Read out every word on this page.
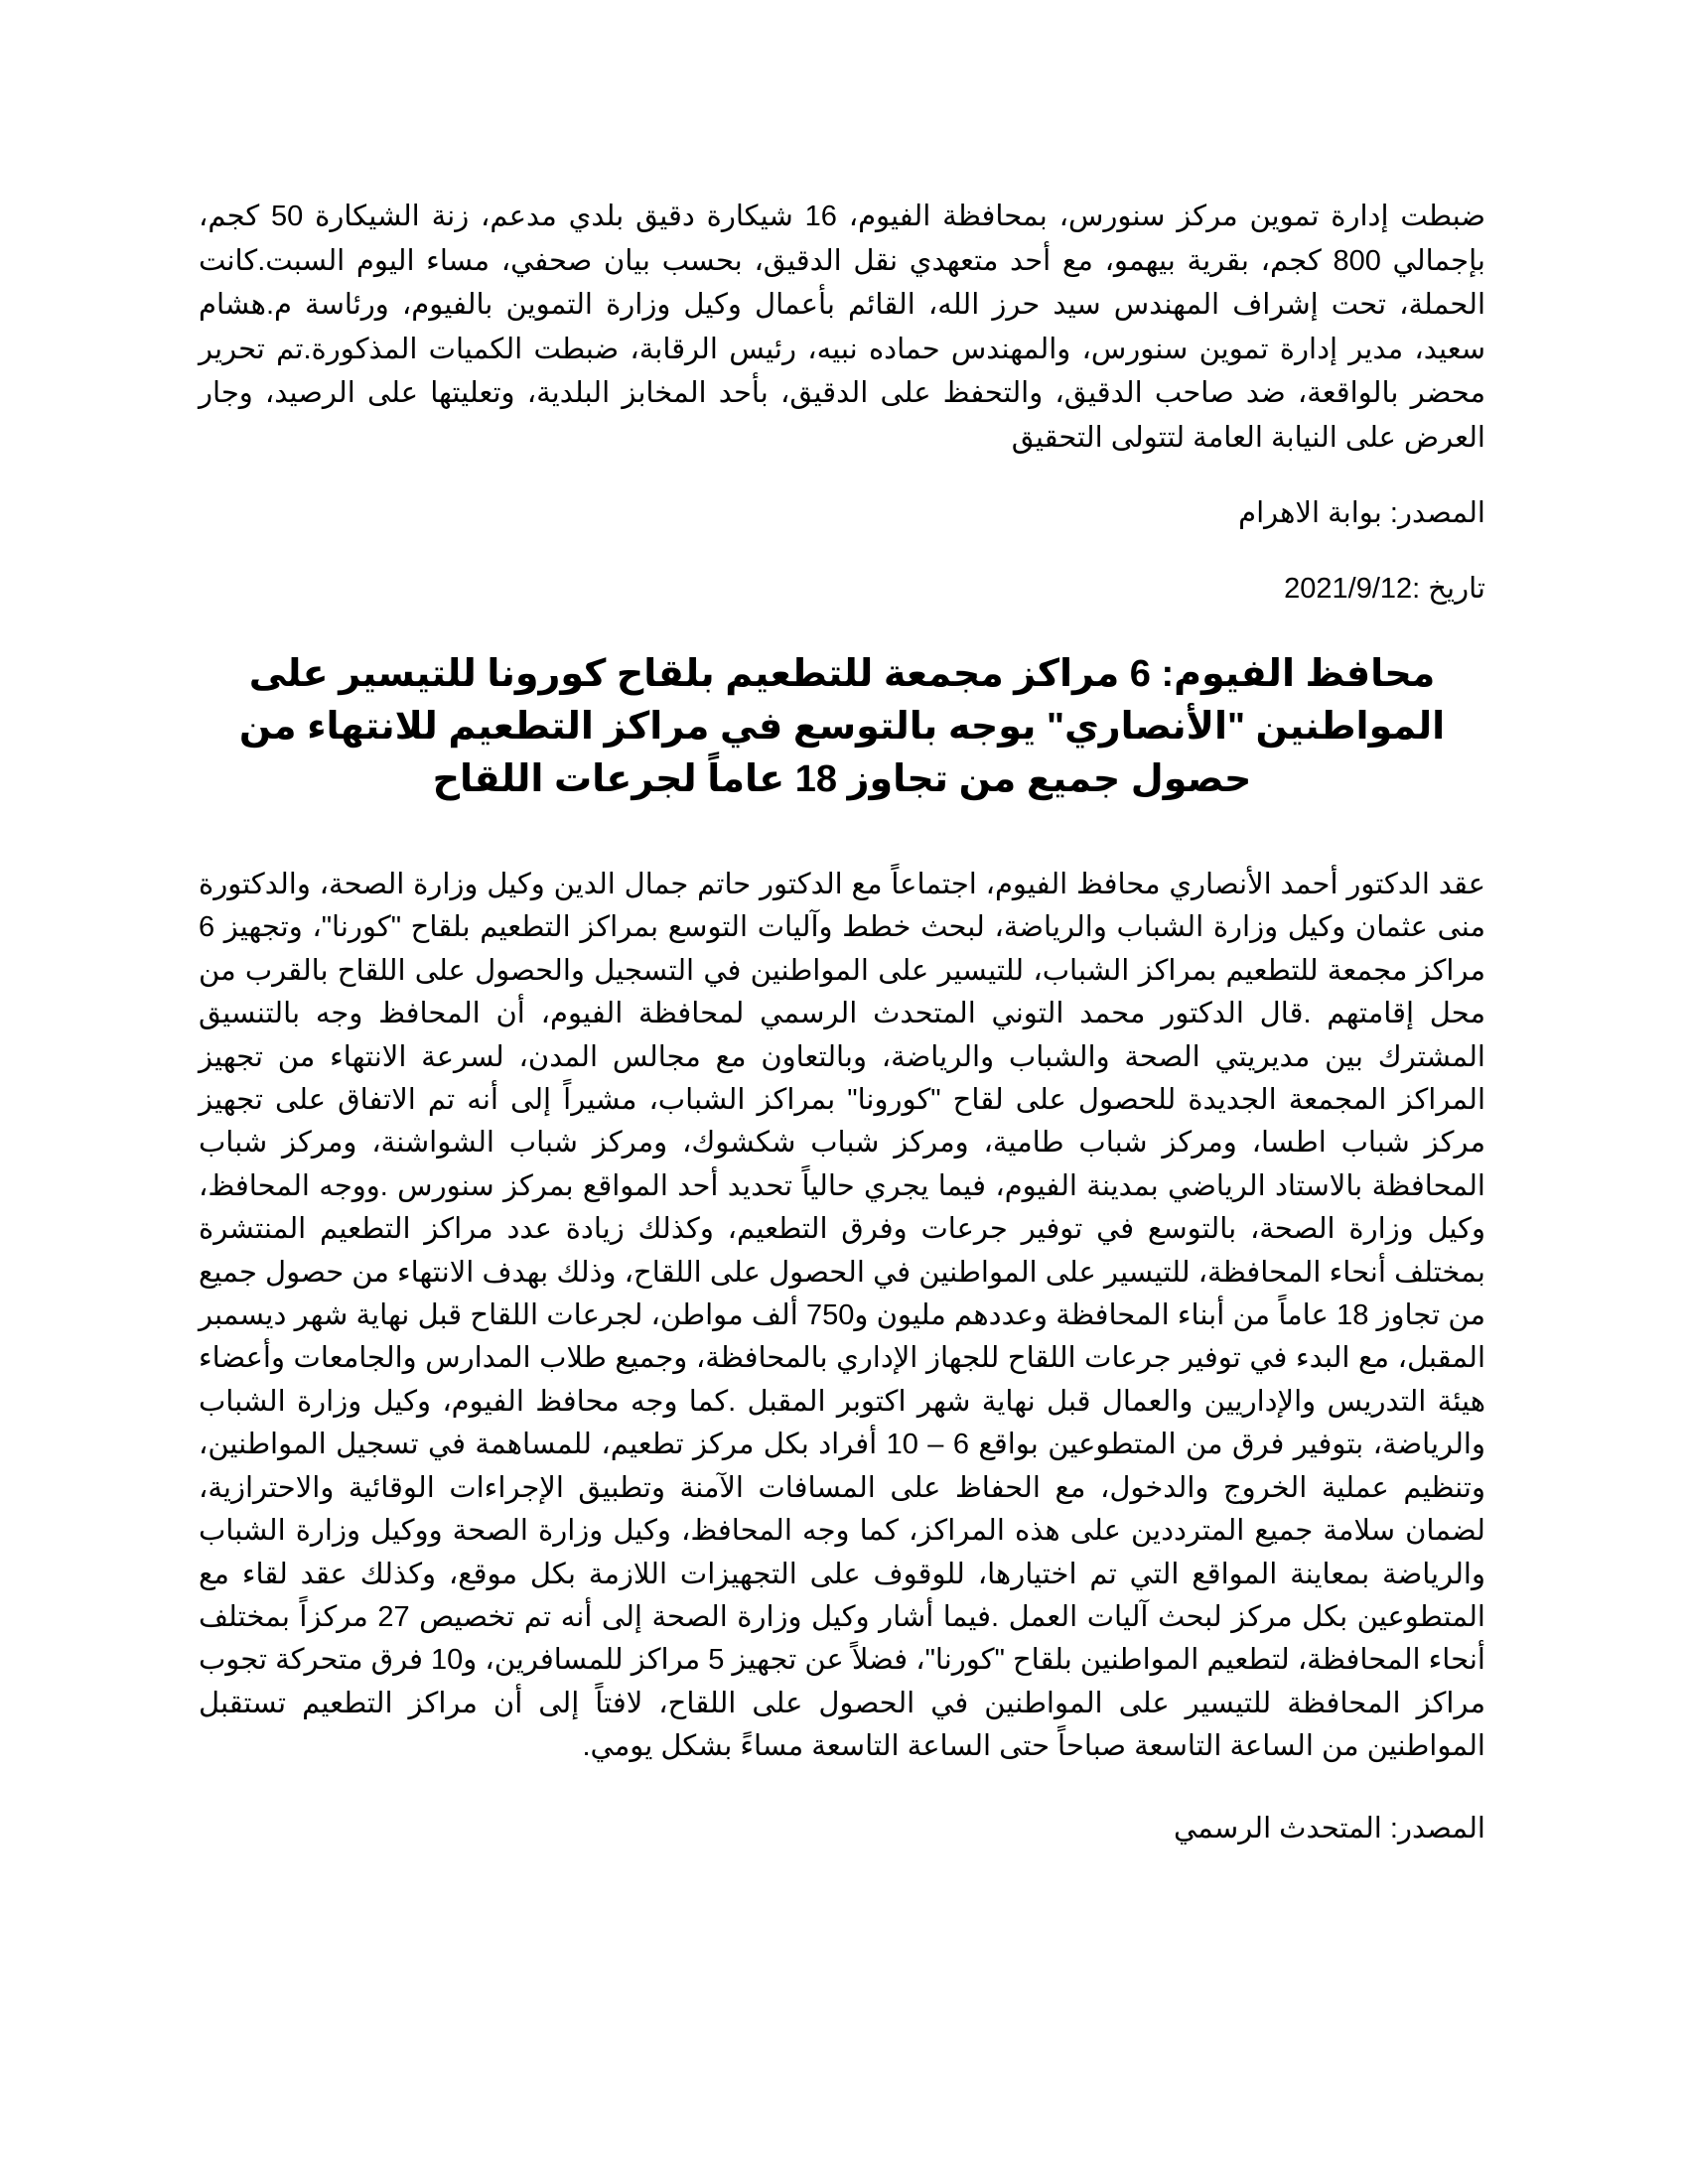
ضبطت إدارة تموين مركز سنورس، بمحافظة الفيوم، 16 شيكارة دقيق بلدي مدعم، زنة الشيكارة 50 كجم، بإجمالي 800 كجم، بقرية بيهمو، مع أحد متعهدي نقل الدقيق، بحسب بيان صحفي، مساء اليوم السبت.كانت الحملة، تحت إشراف المهندس سيد حرز الله، القائم بأعمال وكيل وزارة التموين بالفيوم، ورئاسة م.هشام سعيد، مدير إدارة تموين سنورس، والمهندس حماده نبيه، رئيس الرقابة، ضبطت الكميات المذكورة.تم تحرير محضر بالواقعة، ضد صاحب الدقيق، والتحفظ على الدقيق، بأحد المخابز البلدية، وتعليتها على الرصيد، وجار العرض على النيابة العامة لتتولى التحقيق

المصدر: بوابة الاهرام

تاريخ :2021/9/12

محافظ الفيوم: 6 مراكز مجمعة للتطعيم بلقاح كورونا للتيسير على المواطنين "الأنصاري" يوجه بالتوسع في مراكز التطعيم للانتهاء من حصول جميع من تجاوز 18 عاماً لجرعات اللقاح

عقد الدكتور أحمد الأنصاري محافظ الفيوم، اجتماعاً مع الدكتور حاتم جمال الدين وكيل وزارة الصحة، والدكتورة منى عثمان وكيل وزارة الشباب والرياضة، لبحث خطط وآليات التوسع بمراكز التطعيم بلقاح "كورنا"، وتجهيز 6 مراكز مجمعة للتطعيم بمراكز الشباب، للتيسير على المواطنين في التسجيل والحصول على اللقاح بالقرب من محل إقامتهم .قال الدكتور محمد التوني المتحدث الرسمي لمحافظة الفيوم، أن المحافظ وجه بالتنسيق المشترك بين مديريتي الصحة والشباب والرياضة، وبالتعاون مع مجالس المدن، لسرعة الانتهاء من تجهيز المراكز المجمعة الجديدة للحصول على لقاح "كورونا" بمراكز الشباب، مشيراً إلى أنه تم الاتفاق على تجهيز مركز شباب اطسا، ومركز شباب طامية، ومركز شباب شكشوك، ومركز شباب الشواشنة، ومركز شباب المحافظة بالاستاد الرياضي بمدينة الفيوم، فيما يجري حالياً تحديد أحد المواقع بمركز سنورس .ووجه المحافظ، وكيل وزارة الصحة، بالتوسع في توفير جرعات وفرق التطعيم، وكذلك زيادة عدد مراكز التطعيم المنتشرة بمختلف أنحاء المحافظة، للتيسير على المواطنين في الحصول على اللقاح، وذلك بهدف الانتهاء من حصول جميع من تجاوز 18 عاماً من أبناء المحافظة وعددهم مليون و750 ألف مواطن، لجرعات اللقاح قبل نهاية شهر ديسمبر المقبل، مع البدء في توفير جرعات اللقاح للجهاز الإداري بالمحافظة، وجميع طلاب المدارس والجامعات وأعضاء هيئة التدريس والإداريين والعمال قبل نهاية شهر اكتوبر المقبل .كما وجه محافظ الفيوم، وكيل وزارة الشباب والرياضة، بتوفير فرق من المتطوعين بواقع 6 – 10 أفراد بكل مركز تطعيم، للمساهمة في تسجيل المواطنين، وتنظيم عملية الخروج والدخول، مع الحفاظ على المسافات الآمنة وتطبيق الإجراءات الوقائية والاحترازية، لضمان سلامة جميع المترددين على هذه المراكز، كما وجه المحافظ، وكيل وزارة الصحة ووكيل وزارة الشباب والرياضة بمعاينة المواقع التي تم اختيارها، للوقوف على التجهيزات اللازمة بكل موقع، وكذلك عقد لقاء مع المتطوعين بكل مركز لبحث آليات العمل .فيما أشار وكيل وزارة الصحة إلى أنه تم تخصيص 27 مركزاً بمختلف أنحاء المحافظة، لتطعيم المواطنين بلقاح "كورنا"، فضلاً عن تجهيز 5 مراكز للمسافرين، و10 فرق متحركة تجوب مراكز المحافظة للتيسير على المواطنين في الحصول على اللقاح، لافتاً إلى أن مراكز التطعيم تستقبل المواطنين من الساعة التاسعة صباحاً حتى الساعة التاسعة مساءً بشكل يومي.

المصدر: المتحدث الرسمي
